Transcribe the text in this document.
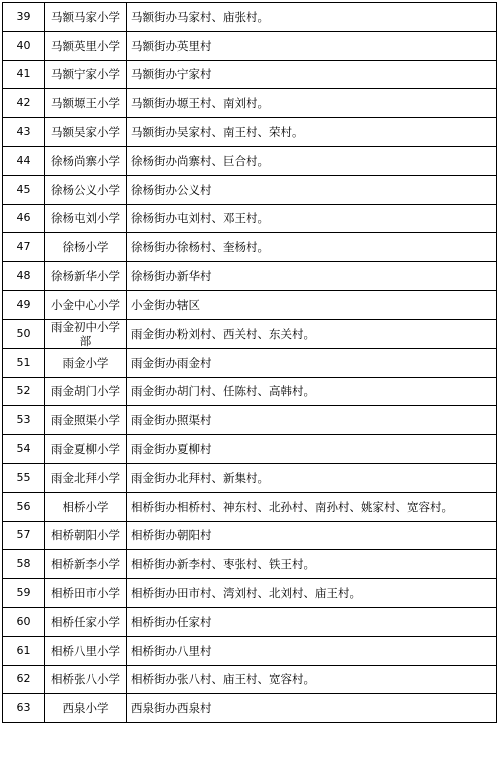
39	马额马家小学	马额街办马家村、庙张村。
40	马额英里小学	马额街办英里村
41	马额宁家小学	马额街办宁家村
42	马额塬王小学	马额街办塬王村、南刘村。
43	马额吴家小学	马额街办吴家村、南王村、荣村。
44	徐杨尚寨小学	徐杨街办尚寨村、巨合村。
45	徐杨公义小学	徐杨街办公义村
46	徐杨屯刘小学	徐杨街办屯刘村、邓王村。
47	徐杨小学	徐杨街办徐杨村、奎杨村。
48	徐杨新华小学	徐杨街办新华村
49	小金中心小学	小金街办辖区
50	雨金初中小学部	雨金街办粉刘村、西关村、东关村。
51	雨金小学	雨金街办雨金村
52	雨金胡门小学	雨金街办胡门村、任陈村、高韩村。
53	雨金照渠小学	雨金街办照渠村
54	雨金夏柳小学	雨金街办夏柳村
55	雨金北拜小学	雨金街办北拜村、新集村。
56	相桥小学	相桥街办相桥村、神东村、北孙村、南孙村、姚家村、宽容村。
57	相桥朝阳小学	相桥街办朝阳村
58	相桥新李小学	相桥街办新李村、枣张村、铁王村。
59	相桥田市小学	相桥街办田市村、湾刘村、北刘村、庙王村。
60	相桥任家小学	相桥街办任家村
61	相桥八里小学	相桥街办八里村
62	相桥张八小学	相桥街办张八村、庙王村、宽容村。
63	西泉小学	西泉街办西泉村
